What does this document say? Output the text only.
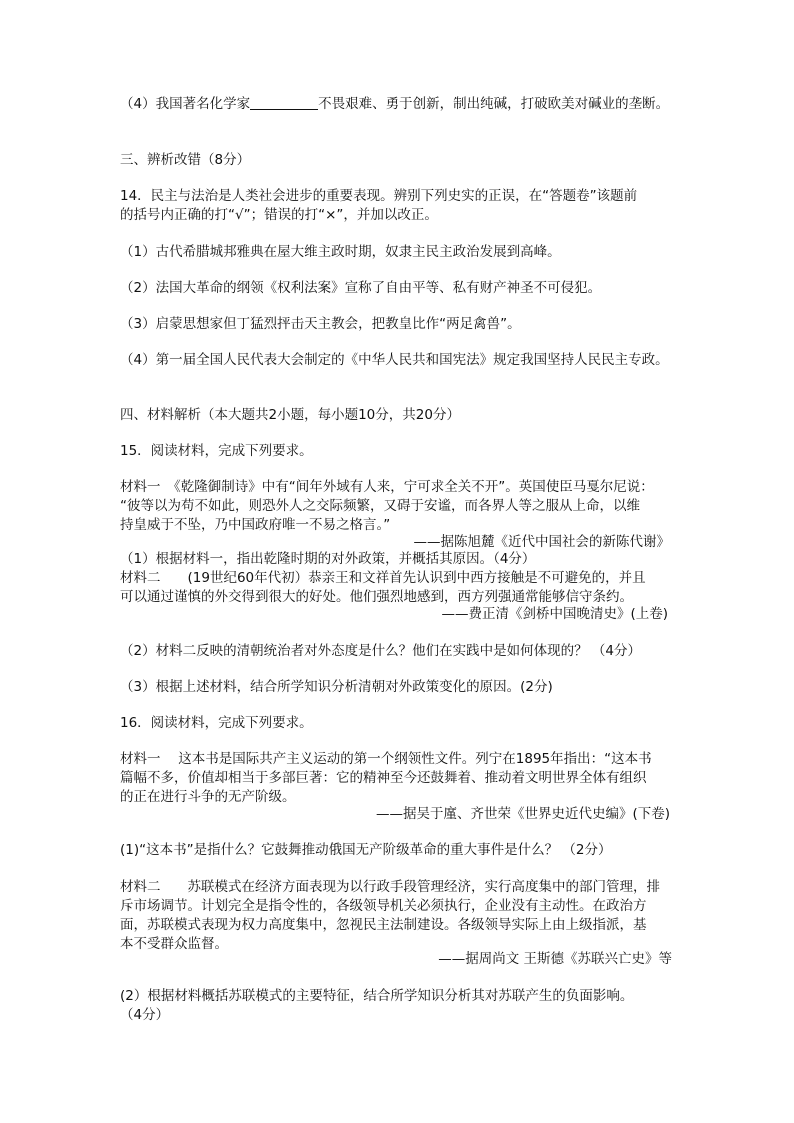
（4）我国著名化学家	不畏艰难、勇于创新，制出纯碱，打破欧美对碱业的垄断。
三、辨析改错（8分）
14．民主与法治是人类社会进步的重要表现。辨别下列史实的正误，在“答题卷”该题前
的括号内正确的打“√”；错误的打“×”，并加以改正。
（1）古代希腊城邦雅典在屋大维主政时期，奴隶主民主政治发展到高峰。
（2）法国大革命的纲领《权利法案》宣称了自由平等、私有财产神圣不可侵犯。
（3）启蒙思想家但丁猛烈抨击天主教会，把教皇比作“两足禽兽”。
（4）第一届全国人民代表大会制定的《中华人民共和国宪法》规定我国坚持人民民主专政。
四、材料解析（本大题共2小题，每小题10分，共20分）
15．阅读材料，完成下列要求。
材料一　《乾隆御制诗》中有“间年外域有人来，宁可求全关不开”。英国使臣马戛尔尼说：
“彼等以为苟不如此，则恐外人之交际频繁，又碍于安谧，而各界人等之服从上命，以维
持皇威于不坠，乃中国政府唯一不易之格言。”
——据陈旭麓《近代中国社会的新陈代谢》
（1）根据材料一，指出乾隆时期的对外政策，并概括其原因。（4分）
材料二　　(19世纪60年代初）恭亲王和文祥首先认识到中西方接触是不可避免的，并且
可以通过谨慎的外交得到很大的好处。他们强烈地感到，西方列强通常能够信守条约。
——费正清《剑桥中国晚清史》(上卷)
（2）材料二反映的清朝统治者对外态度是什么？他们在实践中是如何体现的？ （4分）
（3）根据上述材料，结合所学知识分析清朝对外政策变化的原因。(2分)
16．阅读材料，完成下列要求。
材料一　 这本书是国际共产主义运动的第一个纲领性文件。列宁在1895年指出：“这本书
篇幅不多，价值却相当于多部巨著：它的精神至今还鼓舞着、推动着文明世界全体有组织
的正在进行斗争的无产阶级。
——据吴于廑、齐世荣《世界史近代史编》(下卷)
(1)“这本书”是指什么？它鼓舞推动俄国无产阶级革命的重大事件是什么？ （2分）
材料二　　苏联模式在经济方面表现为以行政手段管理经济，实行高度集中的部门管理，排
斥市场调节。计划完全是指令性的，各级领导机关必须执行，企业没有主动性。在政治方
面，苏联模式表现为权力高度集中，忽视民主法制建设。各级领导实际上由上级指派，基
本不受群众监督。
——据周尚文 王斯德《苏联兴亡史》等
(2）根据材料概括苏联模式的主要特征，结合所学知识分析其对苏联产生的负面影响。
（4分）
